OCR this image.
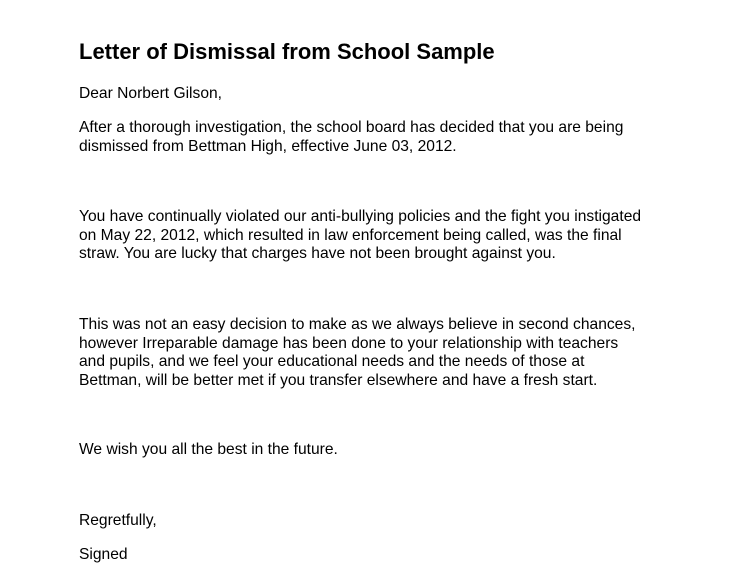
Letter of Dismissal from School Sample

Dear Norbert Gilson,

After a thorough investigation, the school board has decided that you are being
dismissed from Bettman High, effective June 03, 2012.

You have continually violated our anti-bullying policies and the fight you instigated
on May 22, 2012, which resulted in law enforcement being called, was the final
straw. You are lucky that charges have not been brought against you.

This was not an easy decision to make as we always believe in second chances,
however Irreparable damage has been done to your relationship with teachers
and pupils, and we feel your educational needs and the needs of those at
Bettman, will be better met if you transfer elsewhere and have a fresh start.

We wish you all the best in the future.

Regretfully,

Signed
